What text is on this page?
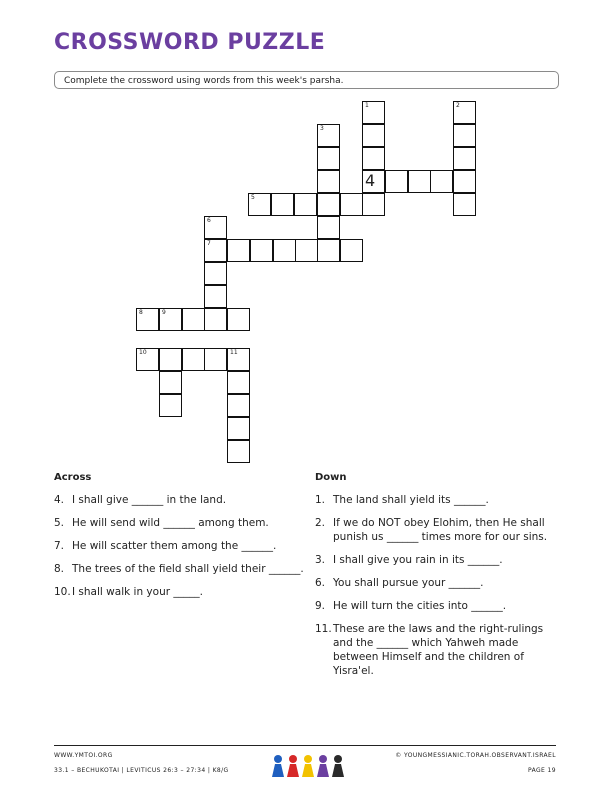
CROSSWORD PUZZLE
Complete the crossword using words from this week's parsha.
1	2
3
5
6
7
8	9
10	11
4
Across
4. I shall give ______ in the land.
5. He will send wild ______ among them.
7. He will scatter them among the ______.
8. The trees of the field shall yield their ______.
10. I shall walk in your _____.
Down
1. The land shall yield its ______.
2. If we do NOT obey Elohim, then He shall punish us ______ times more for our sins.
3. I shall give you rain in its ______.
6. You shall pursue your ______.
9. He will turn the cities into ______.
11. These are the laws and the right-rulings and the ______ which Yahweh made between Himself and the children of Yisra'el.
WWW.YMTOI.ORG
33.1 – BECHUKOTAI | LEVITICUS 26:3 – 27:34 | K8/G
© YOUNGMESSIANIC.TORAH.OBSERVANT.ISRAEL
PAGE 19
